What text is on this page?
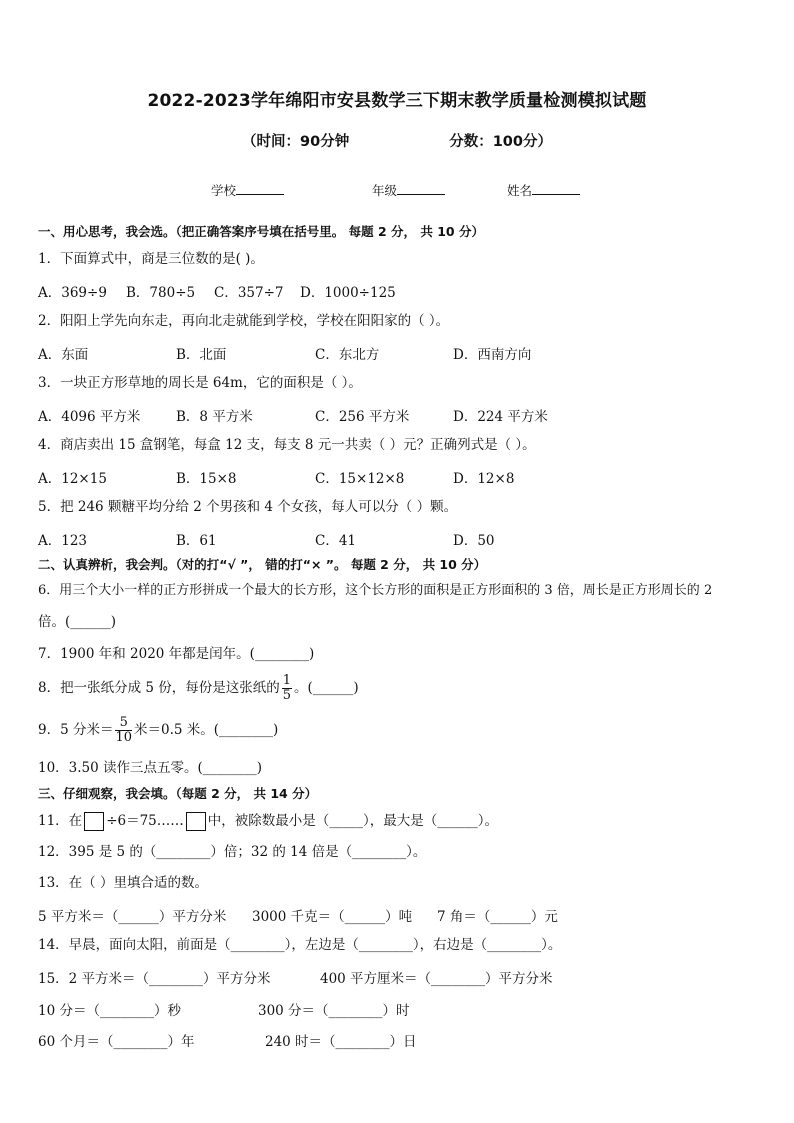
2022-2023学年绵阳市安县数学三下期末教学质量检测模拟试题
（时间：90分钟	分数：100分）
学校	年级	姓名
一、用心思考，我会选。（把正确答案序号填在括号里。 每题 2 分， 共 10 分）
1．下面算式中，商是三位数的是( )。
A．369÷9 B．780÷5 C．357÷7 D．1000÷125
2．阳阳上学先向东走，再向北走就能到学校，学校在阳阳家的（ ）。
A．东面	B．北面	C．东北方	D．西南方向
3．一块正方形草地的周长是 64m，它的面积是（ ）。
A．4096 平方米	B．8 平方米	C．256 平方米	D．224 平方米
4．商店卖出 15 盒钢笔，每盒 12 支，每支 8 元一共卖（ ）元？正确列式是（ ）。
A．12×15	B．15×8	C．15×12×8	D．12×8
5．把 246 颗糖平均分给 2 个男孩和 4 个女孩，每人可以分（ ）颗。
A．123	B．61	C．41	D．50
二、认真辨析，我会判。（对的打“√ ”， 错的打“× ”。 每题 2 分， 共 10 分）
6．用三个大小一样的正方形拼成一个最大的长方形，这个长方形的面积是正方形面积的 3 倍，周长是正方形周长的 2
倍。(______)
7．1900 年和 2020 年都是闰年。(________)
8．把一张纸分成 5 份，每份是这张纸的 $\frac{1}{5}$ 。(______)
9．5 分米＝ $\frac{5}{10}$ 米＝0.5 米。(________)
10．3.50 读作三点五零。(________)
三、仔细观察，我会填。（每题 2 分， 共 14 分）
11．在 ÷6＝75…… 中，被除数最小是（_____），最大是（______）。
12．395 是 5 的（________）倍；32 的 14 倍是（________）。
13．在（ ）里填合适的数。
5 平方米＝（______）平方分米 3000 千克＝（______）吨 7 角＝（______）元
14．早晨，面向太阳，前面是（________），左边是（________），右边是（________）。
15．2 平方米＝（________）平方分米	400 平方厘米＝（________）平方分米
10 分＝（________）秒	300 分＝（________）时
60 个月＝（________）年	240 时＝（________）日
